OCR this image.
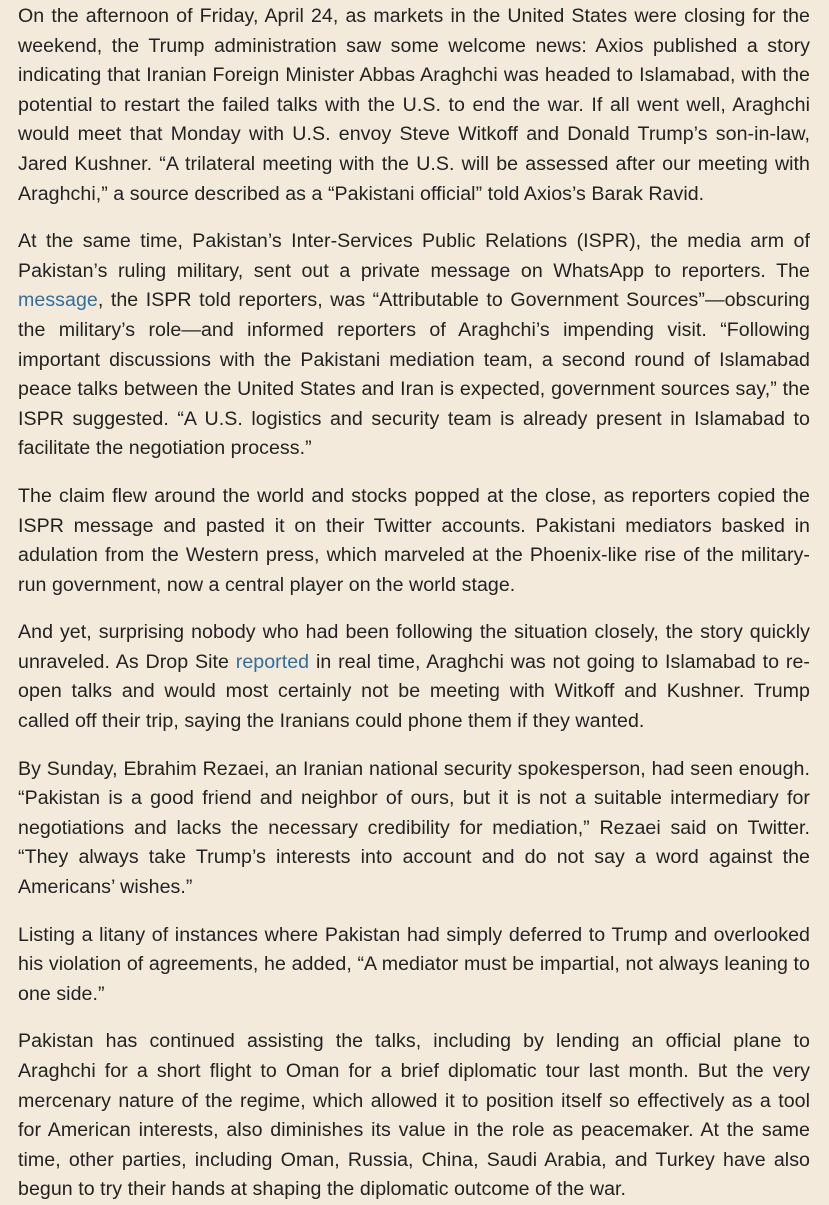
On the afternoon of Friday, April 24, as markets in the United States were closing for the weekend, the Trump administration saw some welcome news: Axios published a story indicating that Iranian Foreign Minister Abbas Araghchi was headed to Islamabad, with the potential to restart the failed talks with the U.S. to end the war. If all went well, Araghchi would meet that Monday with U.S. envoy Steve Witkoff and Donald Trump’s son-in-law, Jared Kushner. “A trilateral meeting with the U.S. will be assessed after our meeting with Araghchi,” a source described as a “Pakistani official” told Axios’s Barak Ravid.

At the same time, Pakistan’s Inter-Services Public Relations (ISPR), the media arm of Pakistan’s ruling military, sent out a private message on WhatsApp to reporters. The message, the ISPR told reporters, was “Attributable to Government Sources”—obscuring the military’s role—and informed reporters of Araghchi’s impending visit. “Following important discussions with the Pakistani mediation team, a second round of Islamabad peace talks between the United States and Iran is expected, government sources say,” the ISPR suggested. “A U.S. logistics and security team is already present in Islamabad to facilitate the negotiation process.”

The claim flew around the world and stocks popped at the close, as reporters copied the ISPR message and pasted it on their Twitter accounts. Pakistani mediators basked in adulation from the Western press, which marveled at the Phoenix-like rise of the military-run government, now a central player on the world stage.

And yet, surprising nobody who had been following the situation closely, the story quickly unraveled. As Drop Site reported in real time, Araghchi was not going to Islamabad to re-open talks and would most certainly not be meeting with Witkoff and Kushner. Trump called off their trip, saying the Iranians could phone them if they wanted.

By Sunday, Ebrahim Rezaei, an Iranian national security spokesperson, had seen enough. “Pakistan is a good friend and neighbor of ours, but it is not a suitable intermediary for negotiations and lacks the necessary credibility for mediation,” Rezaei said on Twitter. “They always take Trump’s interests into account and do not say a word against the Americans’ wishes.”

Listing a litany of instances where Pakistan had simply deferred to Trump and overlooked his violation of agreements, he added, “A mediator must be impartial, not always leaning to one side.”

Pakistan has continued assisting the talks, including by lending an official plane to Araghchi for a short flight to Oman for a brief diplomatic tour last month. But the very mercenary nature of the regime, which allowed it to position itself so effectively as a tool for American interests, also diminishes its value in the role as peacemaker. At the same time, other parties, including Oman, Russia, China, Saudi Arabia, and Turkey have also begun to try their hands at shaping the diplomatic outcome of the war.
